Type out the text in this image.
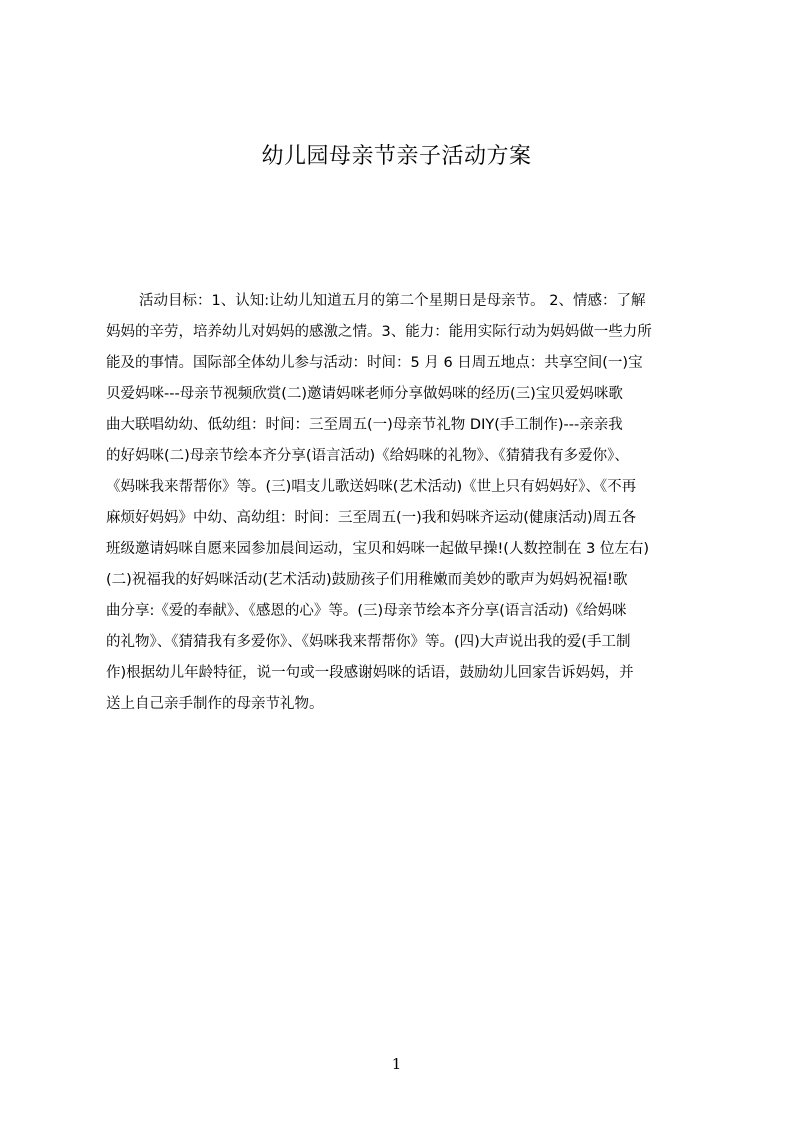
幼儿园母亲节亲子活动方案
活动目标：1、认知:让幼儿知道五月的第二个星期日是母亲节。 2、情感：了解
妈妈的辛劳，培养幼儿对妈妈的感激之情。3、能力：能用实际行动为妈妈做一些力所
能及的事情。国际部全体幼儿参与活动：时间：5 月 6 日周五地点：共享空间(一)宝
贝爱妈咪---母亲节视频欣赏(二)邀请妈咪老师分享做妈咪的经历(三)宝贝爱妈咪歌
曲大联唱幼幼、低幼组：时间：三至周五(一)母亲节礼物 DIY(手工制作)---亲亲我
的好妈咪(二)母亲节绘本齐分享(语言活动)《给妈咪的礼物》、《猜猜我有多爱你》、
《妈咪我来帮帮你》等。(三)唱支儿歌送妈咪(艺术活动)《世上只有妈妈好》、《不再
麻烦好妈妈》中幼、高幼组：时间：三至周五(一)我和妈咪齐运动(健康活动)周五各
班级邀请妈咪自愿来园参加晨间运动，宝贝和妈咪一起做早操!(人数控制在 3 位左右)
(二)祝福我的好妈咪活动(艺术活动)鼓励孩子们用稚嫩而美妙的歌声为妈妈祝福!歌
曲分享:《爱的奉献》、《感恩的心》等。(三)母亲节绘本齐分享(语言活动)《给妈咪
的礼物》、《猜猜我有多爱你》、《妈咪我来帮帮你》等。(四)大声说出我的爱(手工制
作)根据幼儿年龄特征，说一句或一段感谢妈咪的话语，鼓励幼儿回家告诉妈妈，并
送上自己亲手制作的母亲节礼物。
1
